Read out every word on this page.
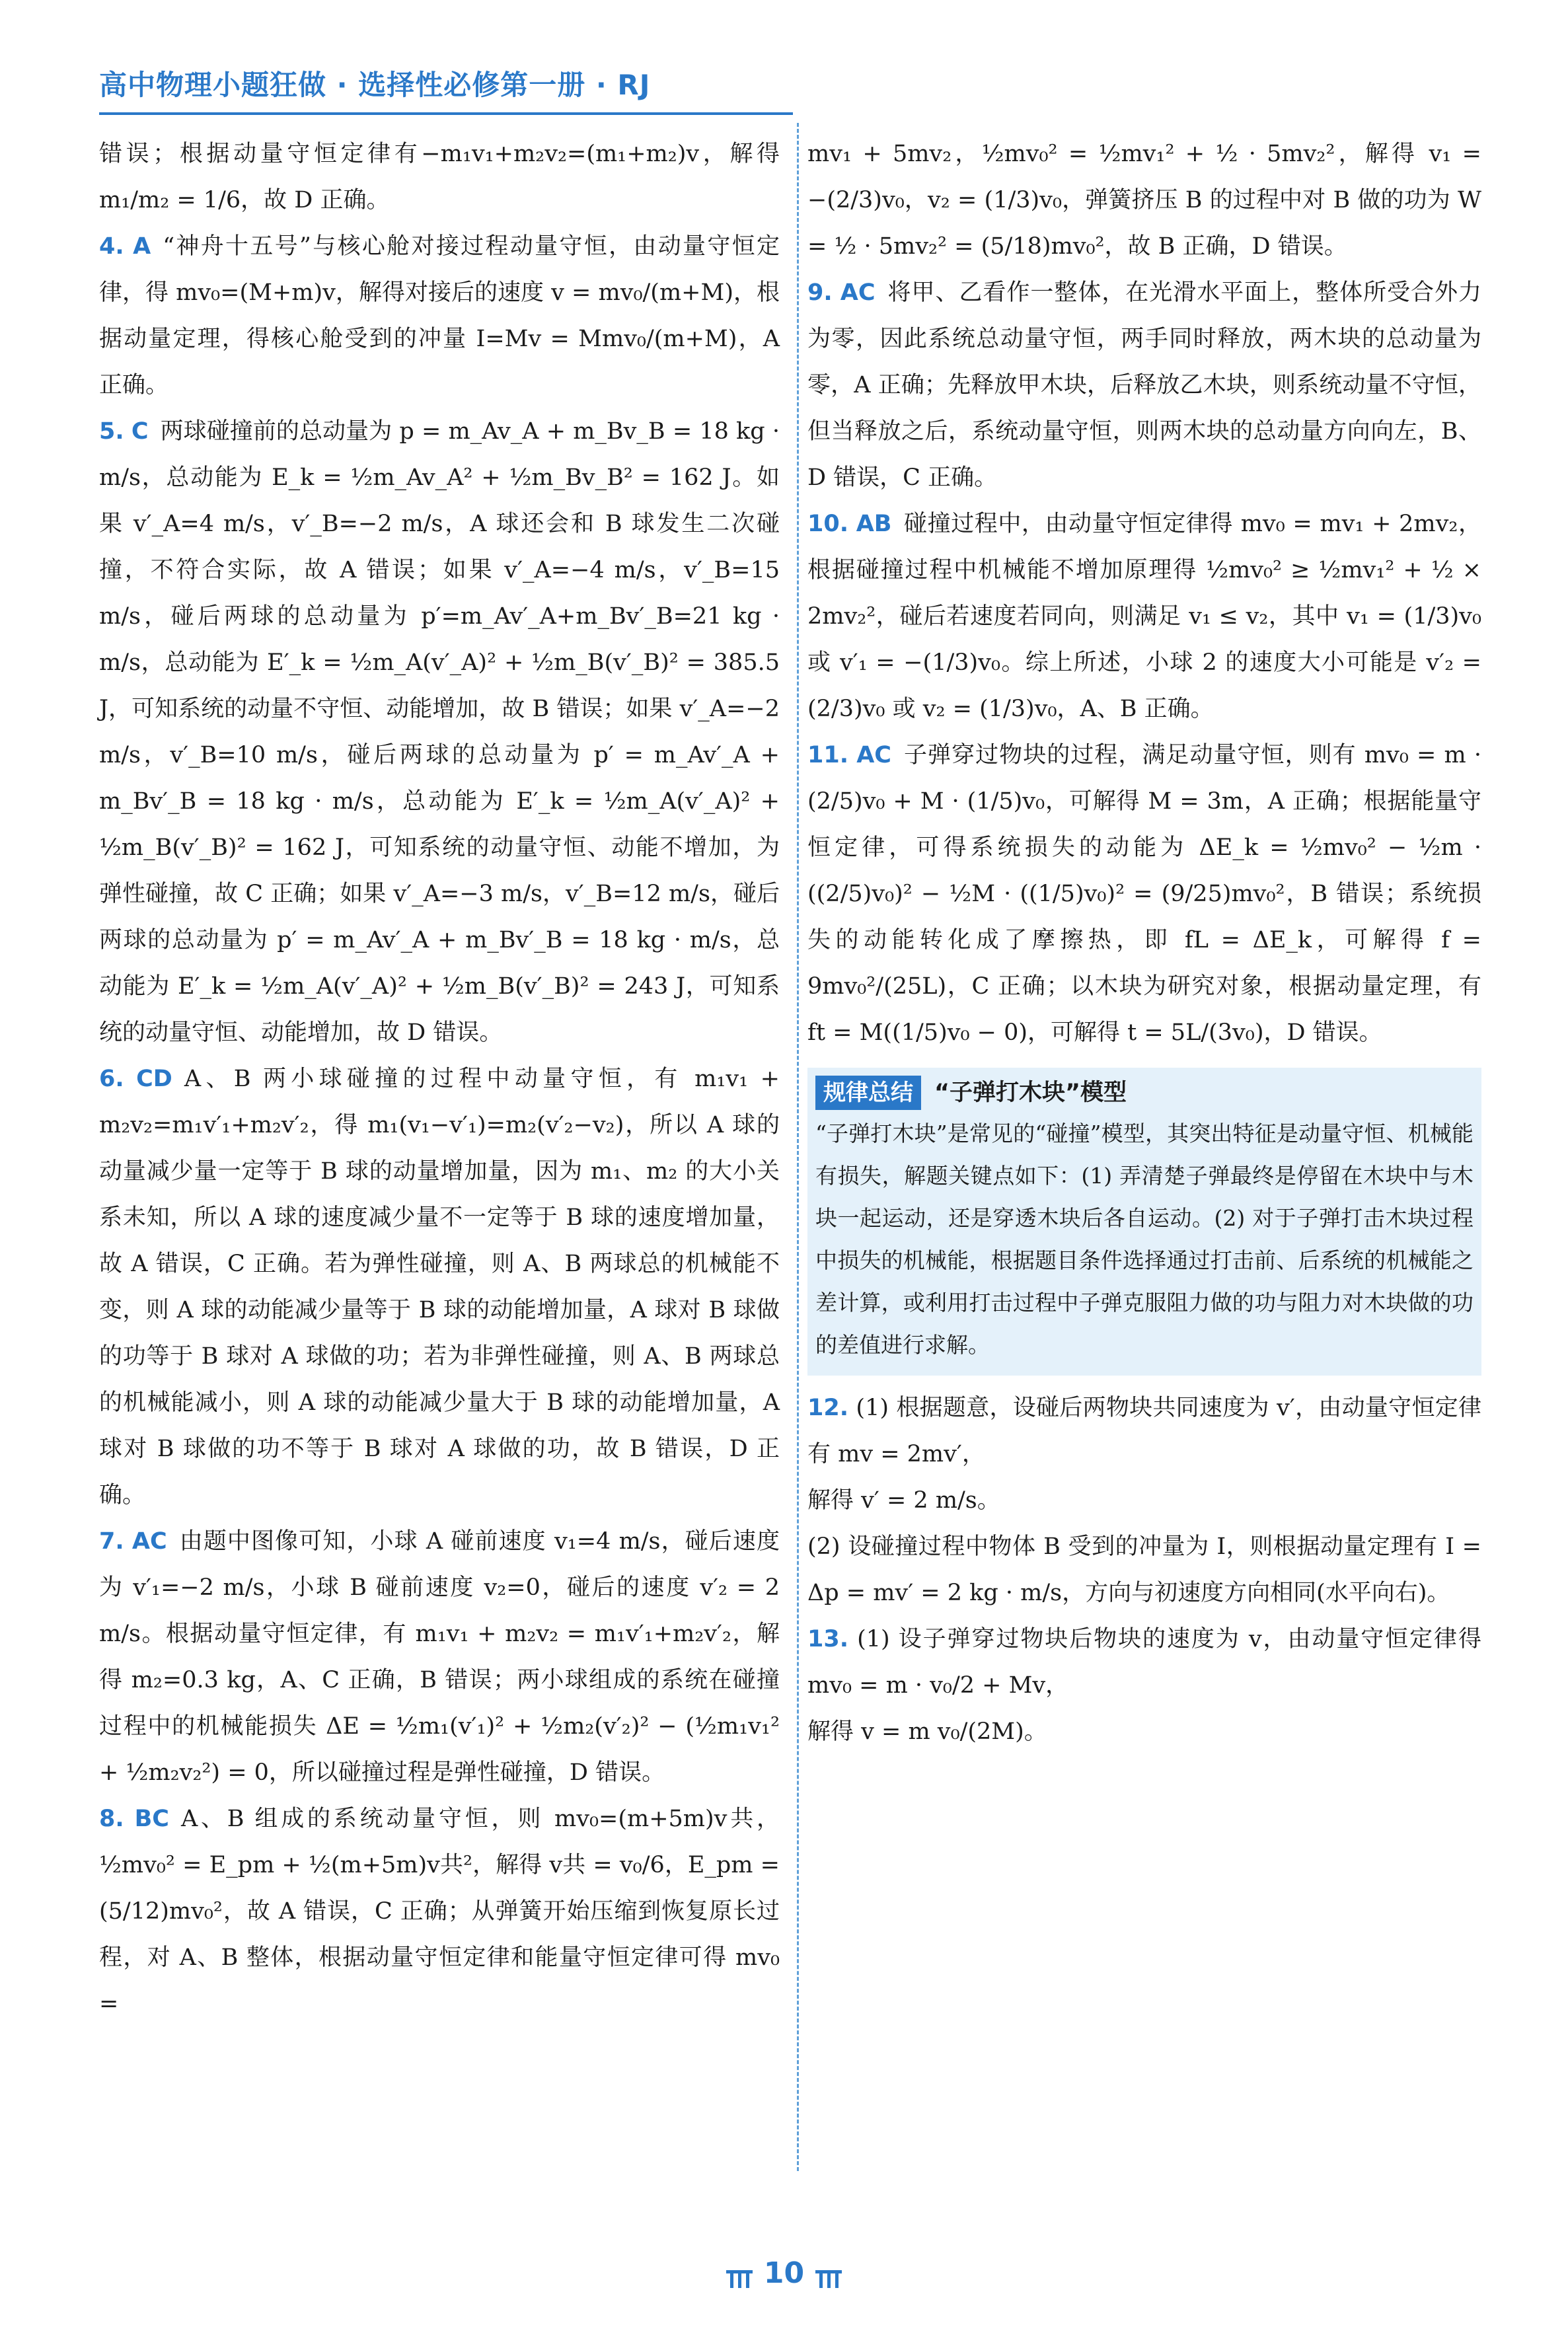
高中物理小题狂做 · 选择性必修第一册 · RJ

错误；根据动量守恒定律有−m₁v₁+m₂v₂=(m₁+m₂)v，解得m₁/m₂ = 1/6，故 D 正确。

4. A “神舟十五号”与核心舱对接过程动量守恒，由动量守恒定律，得 mv₀=(M+m)v，解得对接后的速度 v = mv₀/(m+M)，根据动量定理，得核心舱受到的冲量 I=Mv = Mmv₀/(m+M)，A 正确。

5. C 两球碰撞前的总动量为 p = m_Av_A + m_Bv_B = 18 kg · m/s，总动能为 E_k = ½m_Av_A² + ½m_Bv_B² = 162 J。如果 v′_A=4 m/s，v′_B=−2 m/s，A 球还会和 B 球发生二次碰撞，不符合实际，故 A 错误；如果 v′_A=−4 m/s，v′_B=15 m/s，碰后两球的总动量为 p′=m_Av′_A+m_Bv′_B=21 kg · m/s，总动能为 E′_k = ½m_A(v′_A)² + ½m_B(v′_B)² = 385.5 J，可知系统的动量不守恒、动能增加，故 B 错误；如果 v′_A=−2 m/s，v′_B=10 m/s，碰后两球的总动量为 p′ = m_Av′_A + m_Bv′_B = 18 kg · m/s，总动能为 E′_k = ½m_A(v′_A)² + ½m_B(v′_B)² = 162 J，可知系统的动量守恒、动能不增加，为弹性碰撞，故 C 正确；如果 v′_A=−3 m/s，v′_B=12 m/s，碰后两球的总动量为 p′ = m_Av′_A + m_Bv′_B = 18 kg · m/s，总动能为 E′_k = ½m_A(v′_A)² + ½m_B(v′_B)² = 243 J，可知系统的动量守恒、动能增加，故 D 错误。

6. CD A、B 两小球碰撞的过程中动量守恒，有 m₁v₁ + m₂v₂=m₁v′₁+m₂v′₂，得 m₁(v₁−v′₁)=m₂(v′₂−v₂)，所以 A 球的动量减少量一定等于 B 球的动量增加量，因为 m₁、m₂ 的大小关系未知，所以 A 球的速度减少量不一定等于 B 球的速度增加量，故 A 错误，C 正确。若为弹性碰撞，则 A、B 两球总的机械能不变，则 A 球的动能减少量等于 B 球的动能增加量，A 球对 B 球做的功等于 B 球对 A 球做的功；若为非弹性碰撞，则 A、B 两球总的机械能减小，则 A 球的动能减少量大于 B 球的动能增加量，A 球对 B 球做的功不等于 B 球对 A 球做的功，故 B 错误，D 正确。

7. AC 由题中图像可知，小球 A 碰前速度 v₁=4 m/s，碰后速度为 v′₁=−2 m/s，小球 B 碰前速度 v₂=0，碰后的速度 v′₂ = 2 m/s。根据动量守恒定律，有 m₁v₁ + m₂v₂ = m₁v′₁+m₂v′₂，解得 m₂=0.3 kg，A、C 正确，B 错误；两小球组成的系统在碰撞过程中的机械能损失 ΔE = ½m₁(v′₁)² + ½m₂(v′₂)² − (½m₁v₁² + ½m₂v₂²) = 0，所以碰撞过程是弹性碰撞，D 错误。

8. BC A、B 组成的系统动量守恒，则 mv₀=(m+5m)v共，½mv₀² = E_pm + ½(m+5m)v共²，解得 v共 = v₀/6，E_pm = (5/12)mv₀²，故 A 错误，C 正确；从弹簧开始压缩到恢复原长过程，对 A、B 整体，根据动量守恒定律和能量守恒定律可得 mv₀ =

mv₁ + 5mv₂，½mv₀² = ½mv₁² + ½ · 5mv₂²，解得 v₁ = −(2/3)v₀，v₂ = (1/3)v₀，弹簧挤压 B 的过程中对 B 做的功为 W = ½ · 5mv₂² = (5/18)mv₀²，故 B 正确，D 错误。

9. AC 将甲、乙看作一整体，在光滑水平面上，整体所受合外力为零，因此系统总动量守恒，两手同时释放，两木块的总动量为零，A 正确；先释放甲木块，后释放乙木块，则系统动量不守恒，但当释放之后，系统动量守恒，则两木块的总动量方向向左，B、D 错误，C 正确。

10. AB 碰撞过程中，由动量守恒定律得 mv₀ = mv₁ + 2mv₂，根据碰撞过程中机械能不增加原理得 ½mv₀² ≥ ½mv₁² + ½ × 2mv₂²，碰后若速度若同向，则满足 v₁ ≤ v₂，其中 v₁ = (1/3)v₀ 或 v′₁ = −(1/3)v₀。综上所述，小球 2 的速度大小可能是 v′₂ = (2/3)v₀ 或 v₂ = (1/3)v₀，A、B 正确。

11. AC 子弹穿过物块的过程，满足动量守恒，则有 mv₀ = m · (2/5)v₀ + M · (1/5)v₀，可解得 M = 3m，A 正确；根据能量守恒定律，可得系统损失的动能为 ΔE_k = ½mv₀² − ½m · ((2/5)v₀)² − ½M · ((1/5)v₀)² = (9/25)mv₀²，B 错误；系统损失的动能转化成了摩擦热，即 fL = ΔE_k，可解得 f = 9mv₀²/(25L)，C 正确；以木块为研究对象，根据动量定理，有 ft = M((1/5)v₀ − 0)，可解得 t = 5L/(3v₀)，D 错误。

规律总结 “子弹打木块”模型
“子弹打木块”是常见的“碰撞”模型，其突出特征是动量守恒、机械能有损失，解题关键点如下：(1) 弄清楚子弹最终是停留在木块中与木块一起运动，还是穿透木块后各自运动。(2) 对于子弹打击木块过程中损失的机械能，根据题目条件选择通过打击前、后系统的机械能之差计算，或利用打击过程中子弹克服阻力做的功与阻力对木块做的功的差值进行求解。

12. (1) 根据题意，设碰后两物块共同速度为 v′，由动量守恒定律有 mv = 2mv′，

解得 v′ = 2 m/s。

(2) 设碰撞过程中物体 B 受到的冲量为 I，则根据动量定理有 I = Δp = mv′ = 2 kg · m/s，方向与初速度方向相同(水平向右)。

13. (1) 设子弹穿过物块后物块的速度为 v，由动量守恒定律得 mv₀ = m · v₀/2 + Mv，

解得 v = m v₀/(2M)。

10
